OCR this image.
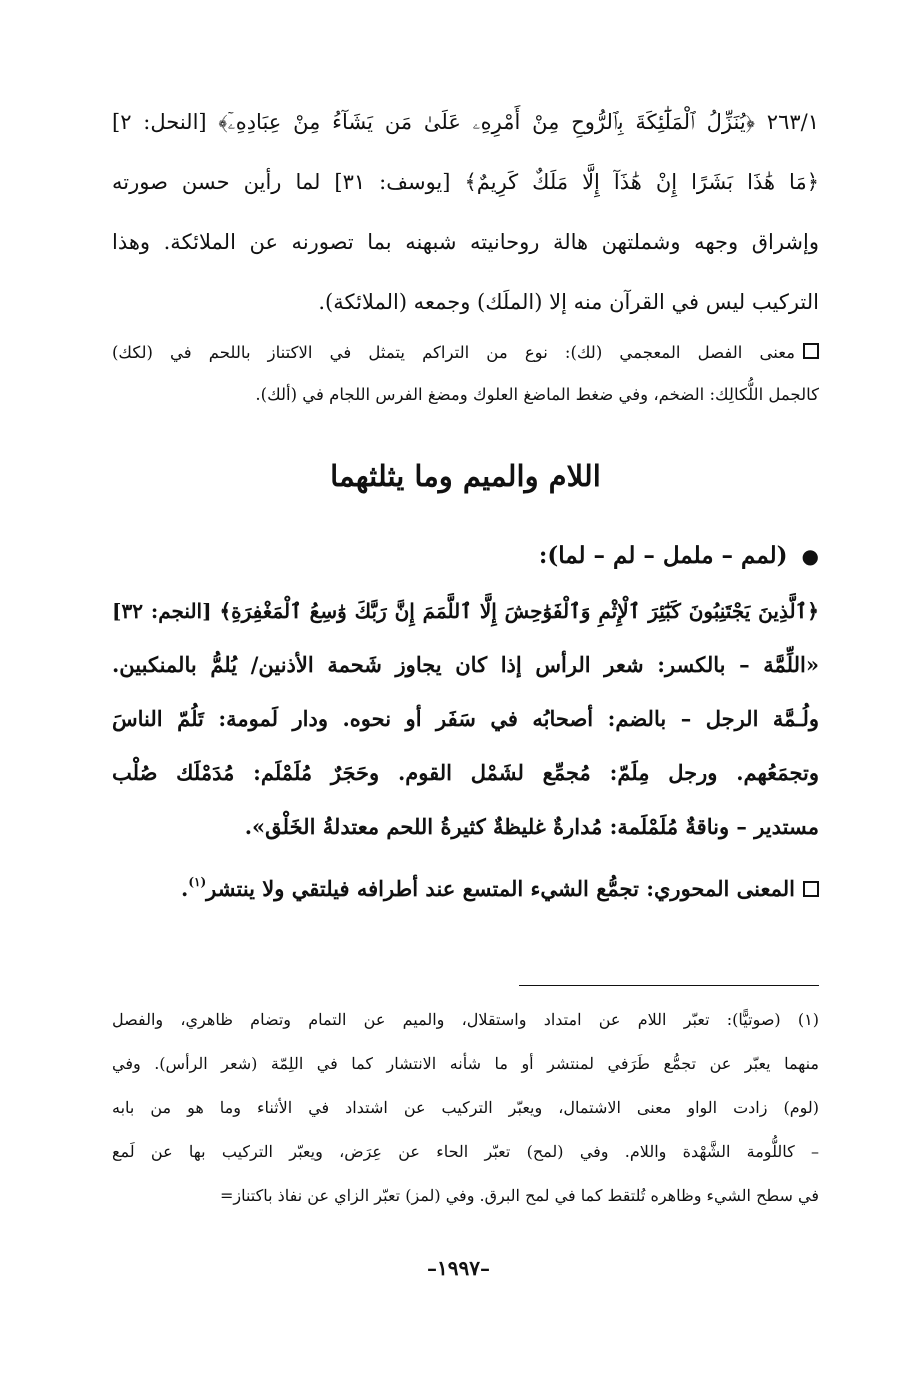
٢٦٣/١ ﴿يُنَزِّلُ ٱلْمَلَٰٓئِكَةَ بِٱلرُّوحِ مِنْ أَمْرِهِۦ عَلَىٰ مَن يَشَآءُ مِنْ عِبَادِهِۦٓ﴾ [النحل: ٢]
﴿مَا هَٰذَا بَشَرًا إِنْ هَٰذَآ إِلَّا مَلَكٌ كَرِيمٌ﴾ [يوسف: ٣١] لما رأين حسن صورته
وإشراق وجهه وشملتهن هالة روحانيته شبهنه بما تصورنه عن الملائكة. وهذا
التركيب ليس في القرآن منه إلا (الملَك) وجمعه (الملائكة).
معنى الفصل المعجمي (لك): نوع من التراكم يتمثل في الاكتناز باللحم في (لكك)
كالجمل اللُّكالِك: الضخم، وفي ضغط الماضغ العلوك ومضغ الفرس اللجام في (ألك).
اللام والميم وما يثلثهما
●(لمم – ململ – لم – لما):
﴿ٱلَّذِينَ يَجْتَنِبُونَ كَبَٰٓئِرَ ٱلْإِثْمِ وَٱلْفَوَٰحِشَ إِلَّا ٱللَّمَمَ إِنَّ رَبَّكَ وَٰسِعُ ٱلْمَغْفِرَةِ﴾ [النجم: ٣٢]
«اللِّمَّة – بالكسر: شعر الرأس إذا كان يجاوز شَحمة الأذنين/ يُلمُّ بالمنكبين.
ولُـمَّة الرجل – بالضم: أصحابُه في سَفَر أو نحوه. ودار لَمومة: تَلُمّ الناسَ
وتجمَعُهم. ورجل مِلَمّ: مُجمِّع لشَمْل القوم. وحَجَرٌ مُلَمْلَم: مُدَمْلَك صُلْب
مستدير – وناقةٌ مُلَمْلَمة: مُدارةٌ غليظةٌ كثيرةُ اللحم معتدلةُ الخَلْق».
المعنى المحوري: تجمُّع الشيء المتسع عند أطرافه فيلتقي ولا ينتشر$^{(١)}$.
(١) (صوتيًّا): تعبّر اللام عن امتداد واستقلال، والميم عن التمام وتضام ظاهري، والفصل
منهما يعبّر عن تجمُّع طَرَفي لمنتشر أو ما شأنه الانتشار كما في اللِمّة (شعر الرأس). وفي
(لوم) زادت الواو معنى الاشتمال، ويعبّر التركيب عن اشتداد في الأثناء وما هو من بابه
– كاللُّومة الشَّهْدة واللام. وفي (لمح) تعبّر الحاء عن عِرَض، ويعبّر التركيب بها عن لَمع
في سطح الشيء وظاهره تُلتقط كما في لمح البرق. وفي (لمز) تعبّر الزاي عن نفاذ باكتناز=
–١٩٩٧–
